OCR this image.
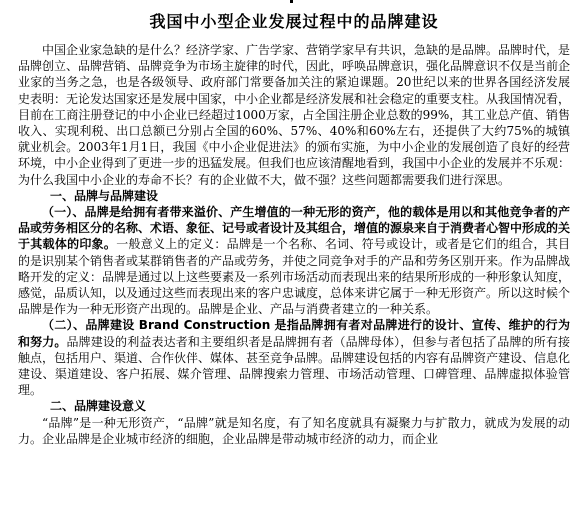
我国中小型企业发展过程中的品牌建设

中国企业家急缺的是什么？经济学家、广告学家、营销学家早有共识，急缺的是品牌。品牌时代，是品牌创立、品牌营销、品牌竞争为市场主旋律的时代，因此，呼唤品牌意识，强化品牌意识不仅是当前企业家的当务之急，也是各级领导、政府部门常要备加关注的紧迫课题。20世纪以来的世界各国经济发展史表明：无论发达国家还是发展中国家，中小企业都是经济发展和社会稳定的重要支柱。从我国情况看，目前在工商注册登记的中小企业已经超过1000万家，占全国注册企业总数的99%，其工业总产值、销售收入、实现利税、出口总额已分别占全国的60%、57%、40%和60%左右，还提供了大约75%的城镇就业机会。2003年1月1日，我国《中小企业促进法》的颁布实施，为中小企业的发展创造了良好的经营环境，中小企业得到了更进一步的迅猛发展。但我们也应该清醒地看到，我国中小企业的发展并不乐观：为什么我国中小企业的寿命不长？有的企业做不大，做不强？这些问题都需要我们进行深思。

一、品牌与品牌建设

（一）、品牌是给拥有者带来溢价、产生增值的一种无形的资产，他的载体是用以和其他竞争者的产品或劳务相区分的名称、术语、象征、记号或者设计及其组合，增值的源泉来自于消费者心智中形成的关于其载体的印象。一般意义上的定义：品牌是一个名称、名词、符号或设计，或者是它们的组合，其目的是识别某个销售者或某群销售者的产品或劳务，并使之同竞争对手的产品和劳务区别开来。作为品牌战略开发的定义：品牌是通过以上这些要素及一系列市场活动而表现出来的结果所形成的一种形象认知度，感觉，品质认知，以及通过这些而表现出来的客户忠诚度，总体来讲它属于一种无形资产。所以这时候个品牌是作为一种无形资产出现的。品牌是企业、产品与消费者建立的一种关系。

（二）、品牌建设 Brand Construction 是指品牌拥有者对品牌进行的设计、宣传、维护的行为和努力。品牌建设的利益表达者和主要组织者是品牌拥有者（品牌母体），但参与者包括了品牌的所有接触点，包括用户、渠道、合作伙伴、媒体、甚至竞争品牌。品牌建设包括的内容有品牌资产建设、信息化建设、渠道建设、客户拓展、媒介管理、品牌搜索力管理、市场活动管理、口碑管理、品牌虚拟体验管理。

二、品牌建设意义

“品牌”是一种无形资产，“品牌”就是知名度，有了知名度就具有凝聚力与扩散力，就成为发展的动力。企业品牌是企业城市经济的细胞，企业品牌是带动城市经济的动力，而企业
